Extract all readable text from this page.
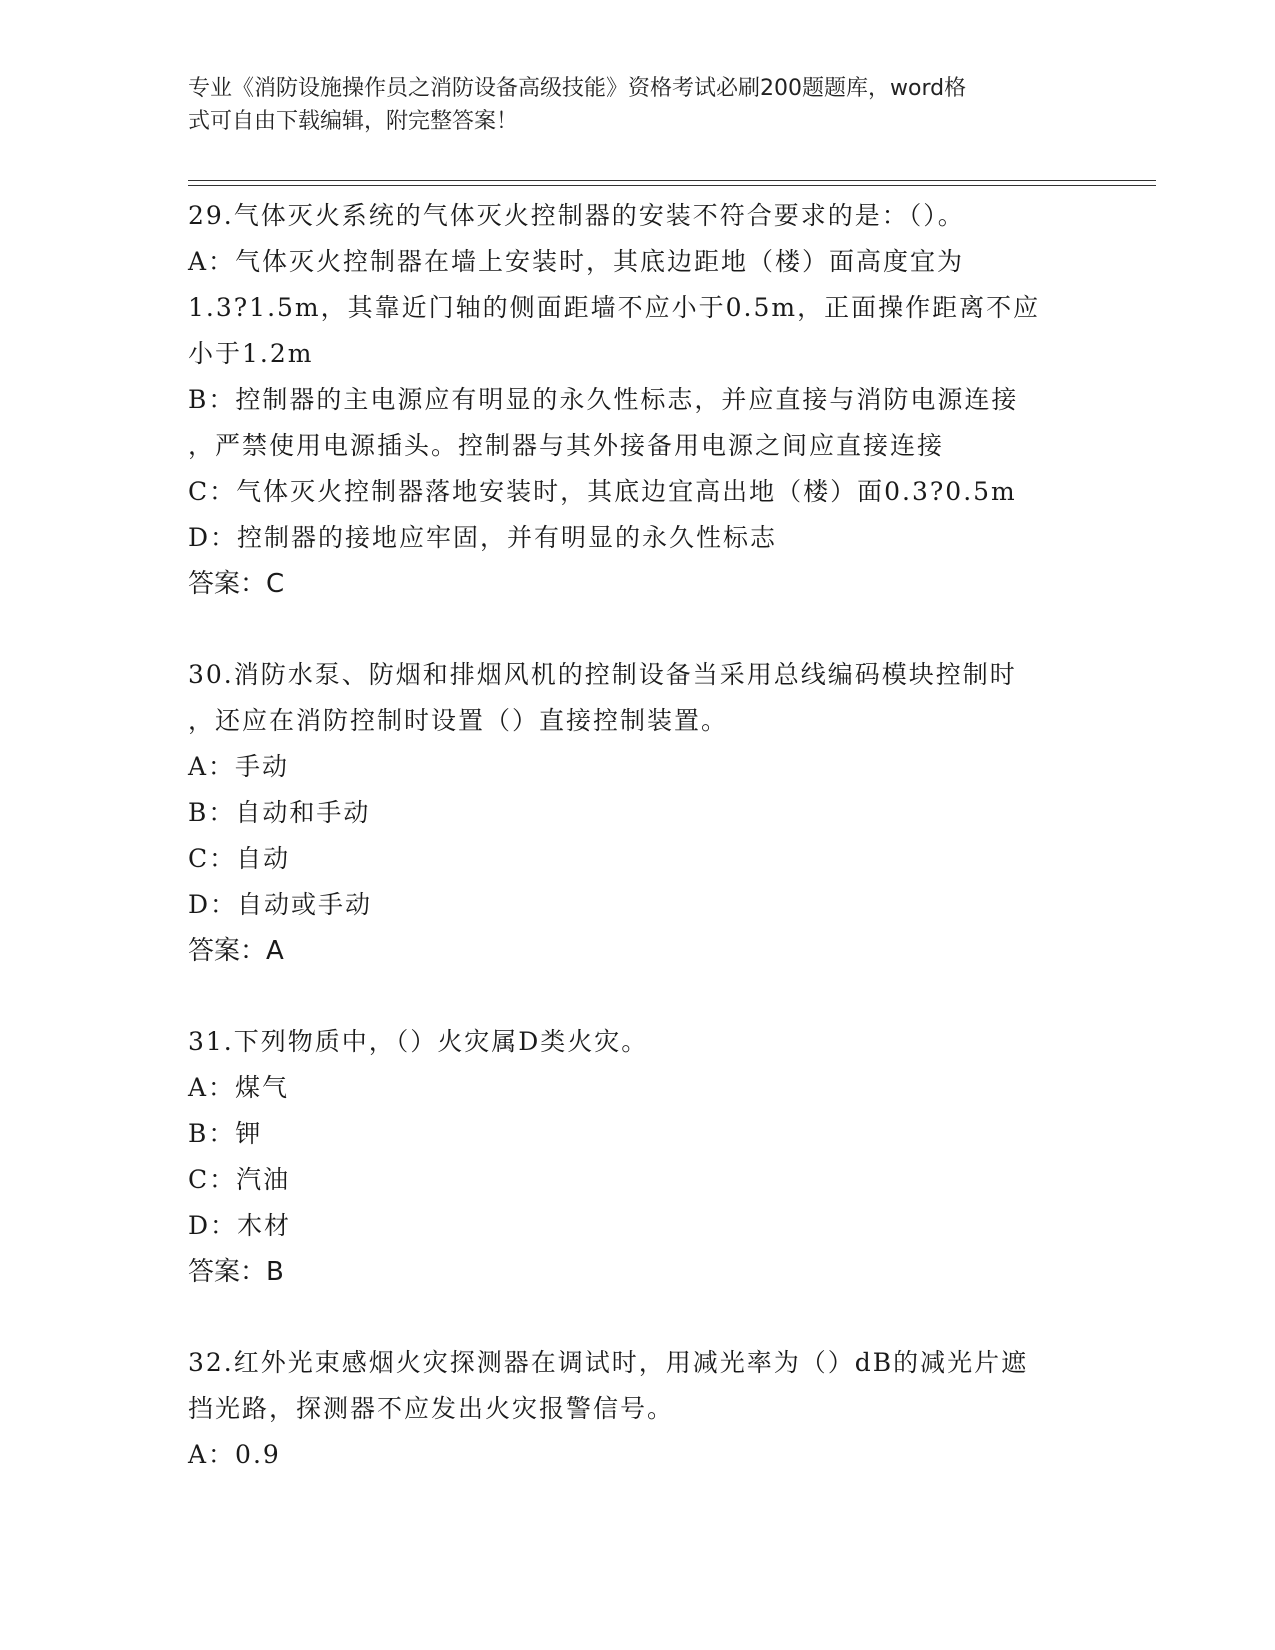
专业《消防设施操作员之消防设备高级技能》资格考试必刷200题题库，word格
式可自由下载编辑，附完整答案！
29.气体灭火系统的气体灭火控制器的安装不符合要求的是：（）。
A：气体灭火控制器在墙上安装时，其底边距地（楼）面高度宜为
1.3?1.5m，其靠近门轴的侧面距墙不应小于0.5m，正面操作距离不应
小于1.2m
B：控制器的主电源应有明显的永久性标志，并应直接与消防电源连接
，严禁使用电源插头。控制器与其外接备用电源之间应直接连接
C：气体灭火控制器落地安装时，其底边宜高出地（楼）面0.3?0.5m
D：控制器的接地应牢固，并有明显的永久性标志
答案：C
30.消防水泵、防烟和排烟风机的控制设备当采用总线编码模块控制时
，还应在消防控制时设置（）直接控制装置。
A：手动
B：自动和手动
C：自动
D：自动或手动
答案：A
31.下列物质中，（）火灾属D类火灾。
A：煤气
B：钾
C：汽油
D：木材
答案：B
32.红外光束感烟火灾探测器在调试时，用减光率为（）dB的减光片遮
挡光路，探测器不应发出火灾报警信号。
A：0.9
